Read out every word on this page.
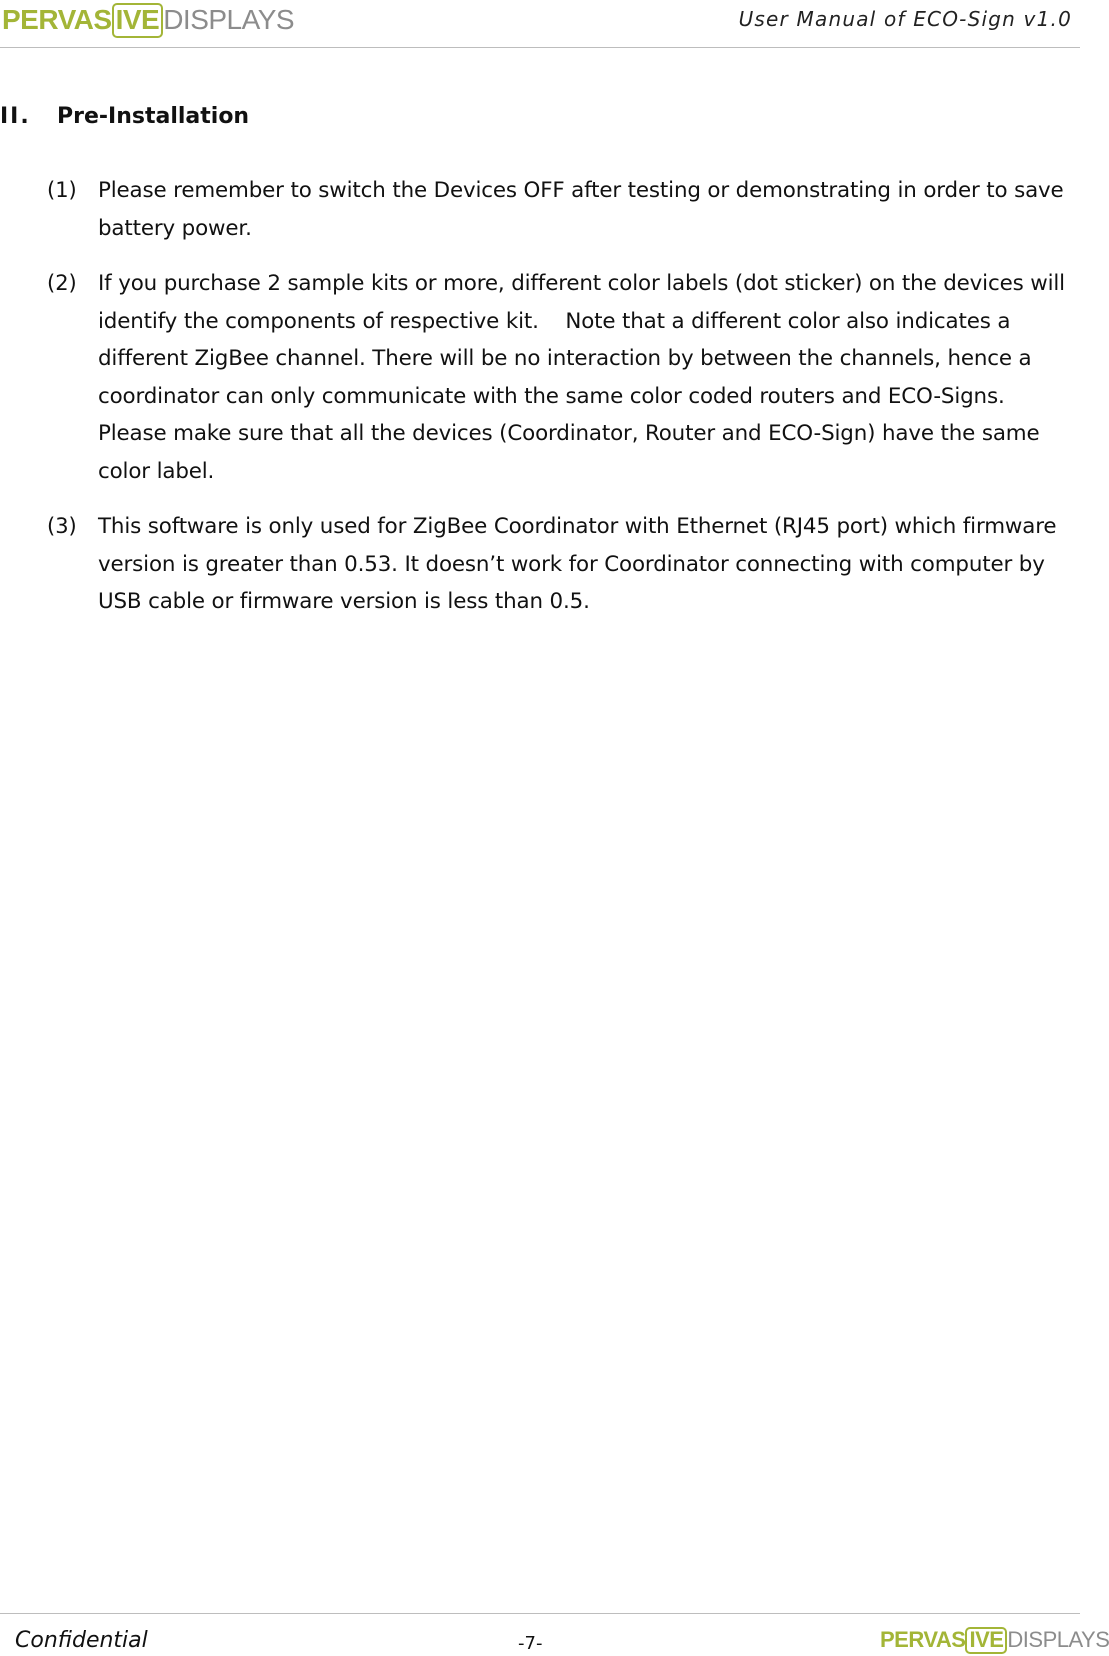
PERVAS IVE DISPLAYS	User Manual of ECO-Sign v1.0
II. Pre-Installation
(1) Please remember to switch the Devices OFF after testing or demonstrating in order to save battery power.
(2) If you purchase 2 sample kits or more, different color labels (dot sticker) on the devices will identify the components of respective kit.    Note that a different color also indicates a different ZigBee channel. There will be no interaction by between the channels, hence a coordinator can only communicate with the same color coded routers and ECO-Signs. Please make sure that all the devices (Coordinator, Router and ECO-Sign) have the same color label.
(3) This software is only used for ZigBee Coordinator with Ethernet (RJ45 port) which firmware version is greater than 0.53. It doesn’t work for Coordinator connecting with computer by USB cable or firmware version is less than 0.5.
Confidential	-7-	PERVAS IVE DISPLAYS
